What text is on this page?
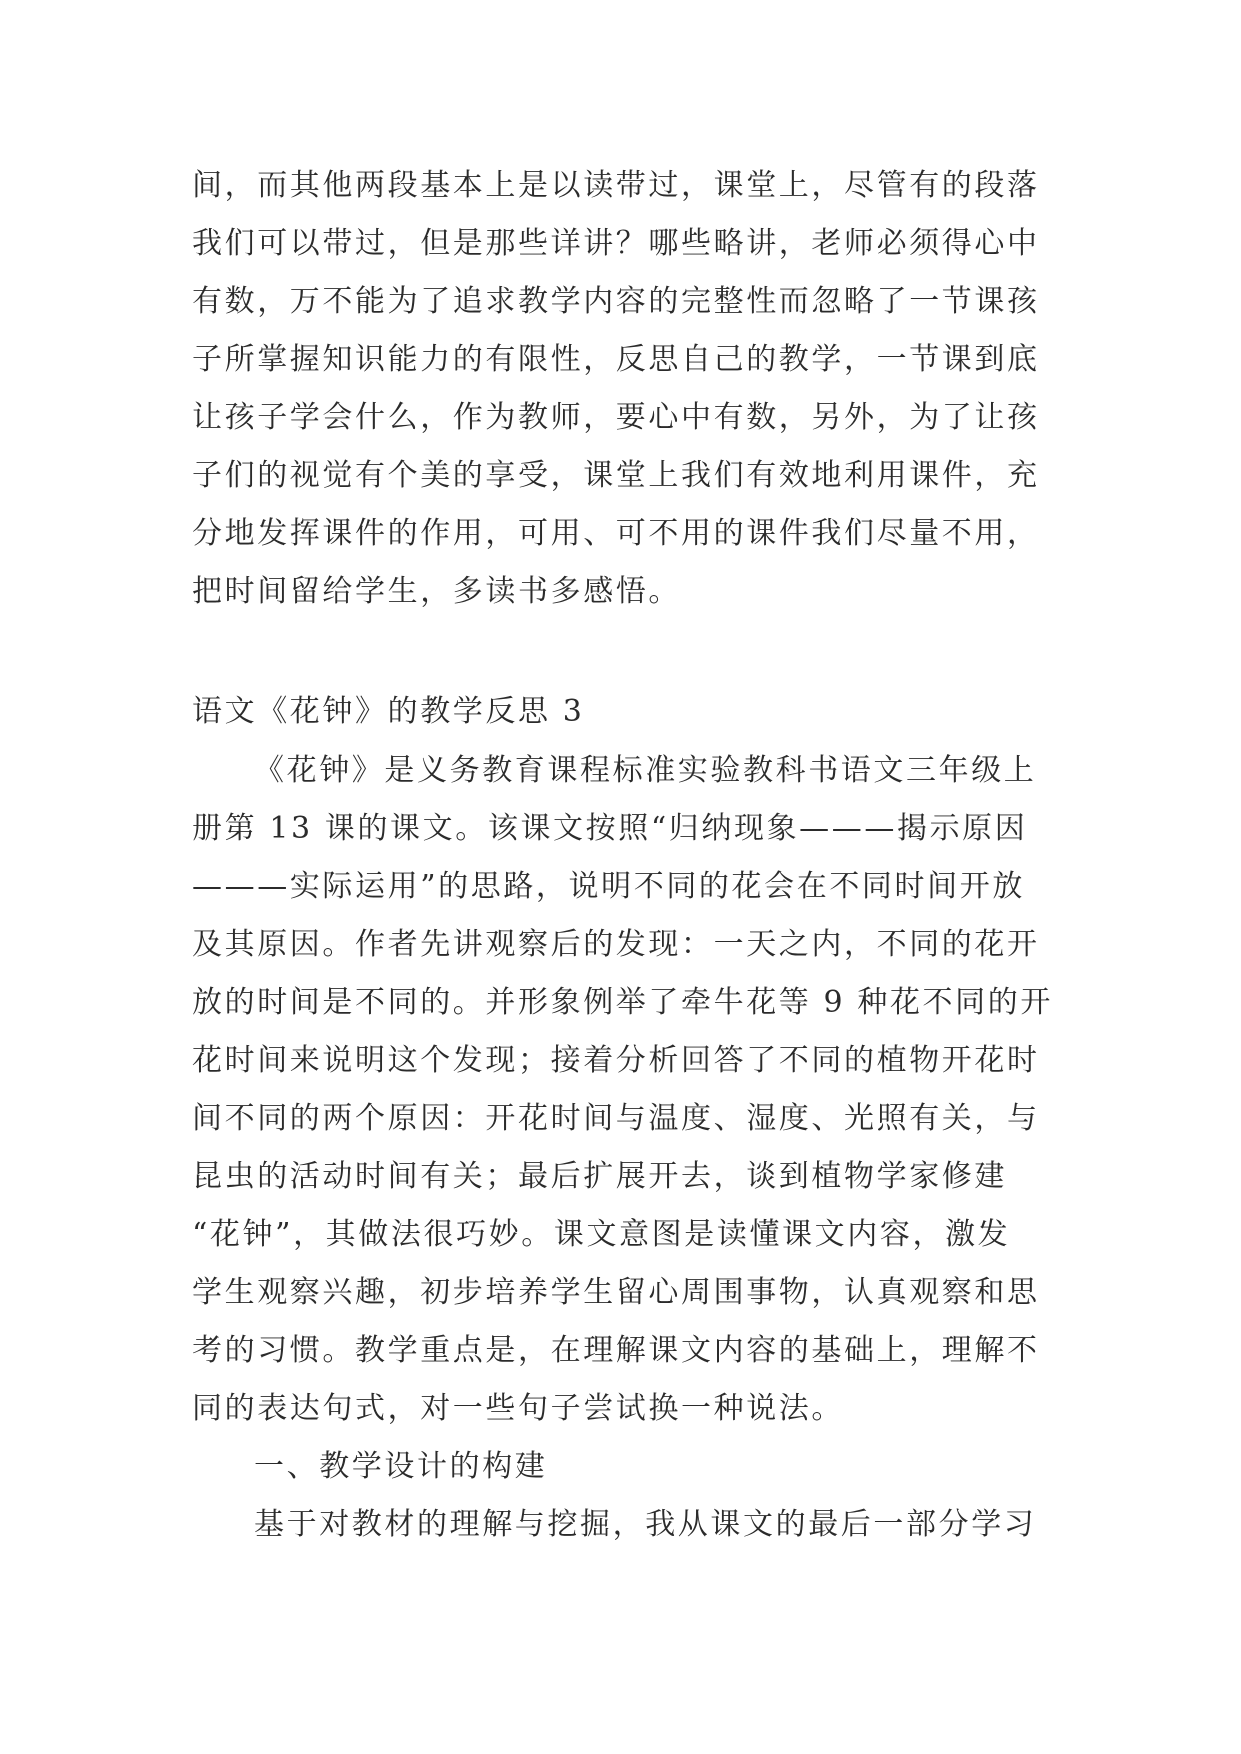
间，而其他两段基本上是以读带过，课堂上，尽管有的段落
我们可以带过，但是那些详讲？哪些略讲，老师必须得心中
有数，万不能为了追求教学内容的完整性而忽略了一节课孩
子所掌握知识能力的有限性，反思自己的教学，一节课到底
让孩子学会什么，作为教师，要心中有数，另外，为了让孩
子们的视觉有个美的享受，课堂上我们有效地利用课件，充
分地发挥课件的作用，可用、可不用的课件我们尽量不用，
把时间留给学生，多读书多感悟。
语文《花钟》的教学反思 3
《花钟》是义务教育课程标准实验教科书语文三年级上
册第 13 课的课文。该课文按照“归纳现象———揭示原因
———实际运用”的思路，说明不同的花会在不同时间开放
及其原因。作者先讲观察后的发现：一天之内，不同的花开
放的时间是不同的。并形象例举了牵牛花等 9 种花不同的开
花时间来说明这个发现；接着分析回答了不同的植物开花时
间不同的两个原因：开花时间与温度、湿度、光照有关，与
昆虫的活动时间有关；最后扩展开去，谈到植物学家修建
“花钟”，其做法很巧妙。课文意图是读懂课文内容，激发
学生观察兴趣，初步培养学生留心周围事物，认真观察和思
考的习惯。教学重点是，在理解课文内容的基础上，理解不
同的表达句式，对一些句子尝试换一种说法。
一、教学设计的构建
基于对教材的理解与挖掘，我从课文的最后一部分学习
